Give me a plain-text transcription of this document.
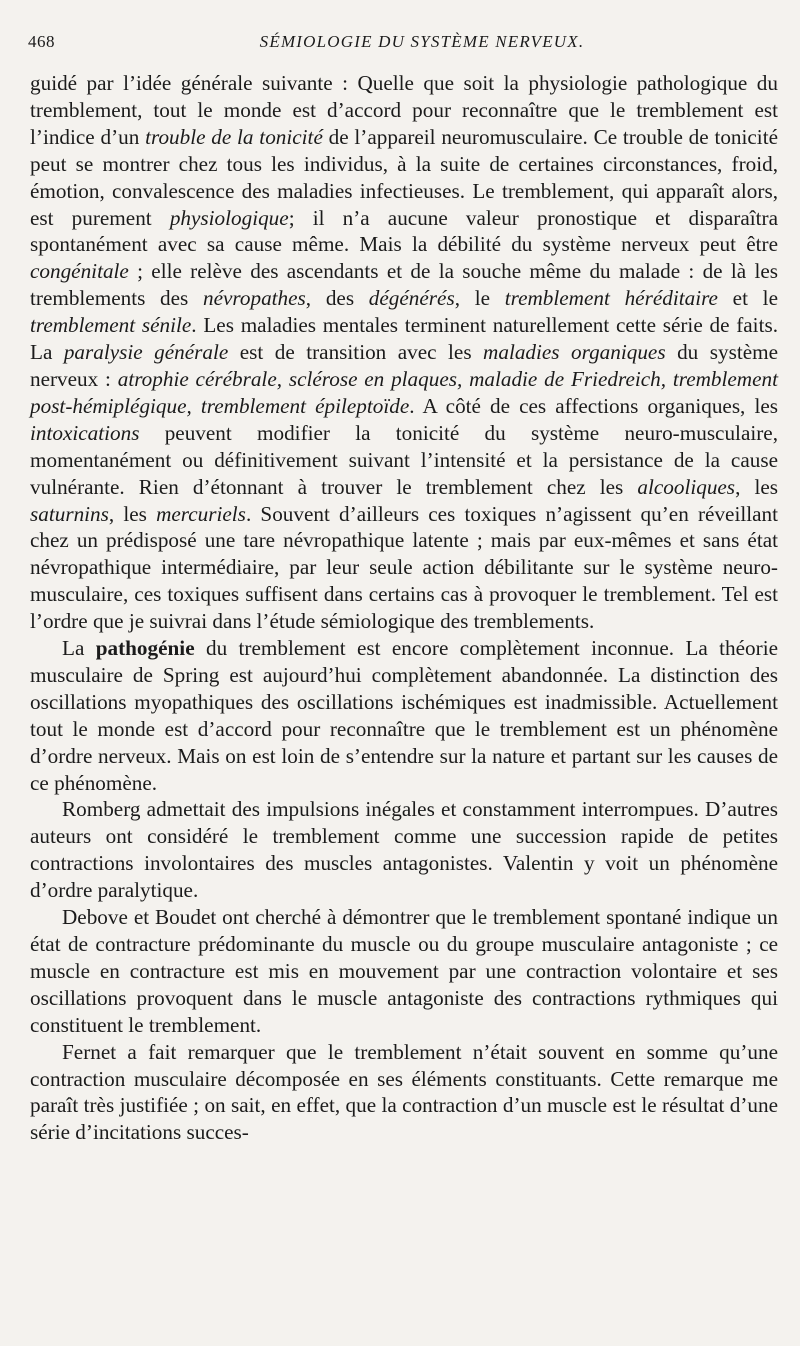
468	SÉMIOLOGIE DU SYSTÈME NERVEUX.

guidé par l’idée générale suivante : Quelle que soit la physiologie pathologique du tremblement, tout le monde est d’accord pour reconnaître que le tremblement est l’indice d’un trouble de la tonicité de l’appareil neuromusculaire. Ce trouble de tonicité peut se montrer chez tous les individus, à la suite de certaines circonstances, froid, émotion, convalescence des maladies infectieuses. Le tremblement, qui apparaît alors, est purement physiologique; il n’a aucune valeur pronostique et disparaîtra spontanément avec sa cause même. Mais la débilité du système nerveux peut être congénitale ; elle relève des ascendants et de la souche même du malade : de là les tremblements des névropathes, des dégénérés, le tremblement héréditaire et le tremblement sénile. Les maladies mentales terminent naturellement cette série de faits. La paralysie générale est de transition avec les maladies organiques du système nerveux : atrophie cérébrale, sclérose en plaques, maladie de Friedreich, tremblement post-hémiplégique, tremblement épileptoïde. A côté de ces affections organiques, les intoxications peuvent modifier la tonicité du système neuro-musculaire, momentanément ou définitivement suivant l’intensité et la persistance de la cause vulnérante. Rien d’étonnant à trouver le tremblement chez les alcooliques, les saturnins, les mercuriels. Souvent d’ailleurs ces toxiques n’agissent qu’en réveillant chez un prédisposé une tare névropathique latente ; mais par eux-mêmes et sans état névropathique intermédiaire, par leur seule action débilitante sur le système neuro-musculaire, ces toxiques suffisent dans certains cas à provoquer le tremblement. Tel est l’ordre que je suivrai dans l’étude sémiologique des tremblements.

La pathogénie du tremblement est encore complètement inconnue. La théorie musculaire de Spring est aujourd’hui complètement abandonnée. La distinction des oscillations myopathiques des oscillations ischémiques est inadmissible. Actuellement tout le monde est d’accord pour reconnaître que le tremblement est un phénomène d’ordre nerveux. Mais on est loin de s’entendre sur la nature et partant sur les causes de ce phénomène.

Romberg admettait des impulsions inégales et constamment interrompues. D’autres auteurs ont considéré le tremblement comme une succession rapide de petites contractions involontaires des muscles antagonistes. Valentin y voit un phénomène d’ordre paralytique.

Debove et Boudet ont cherché à démontrer que le tremblement spontané indique un état de contracture prédominante du muscle ou du groupe musculaire antagoniste ; ce muscle en contracture est mis en mouvement par une contraction volontaire et ses oscillations provoquent dans le muscle antagoniste des contractions rythmiques qui constituent le tremblement.

Fernet a fait remarquer que le tremblement n’était souvent en somme qu’une contraction musculaire décomposée en ses éléments constituants. Cette remarque me paraît très justifiée ; on sait, en effet, que la contraction d’un muscle est le résultat d’une série d’incitations succes-
